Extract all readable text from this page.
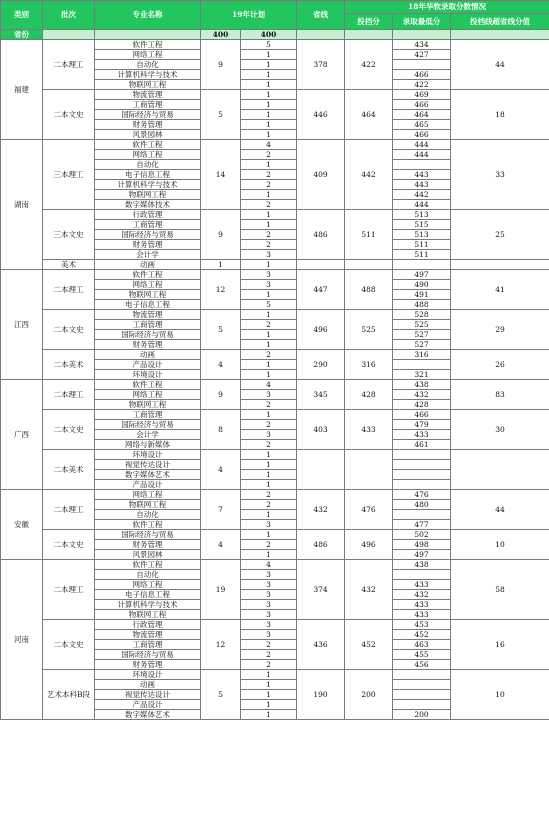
类别	批次	专业名称	19年计划		省线	18年华软录取分数情况		
						投档分	录取最低分	投档线超省线分值
省份			400	400				
福建	二本理工	软件工程	9	5	378	422	434	44
		网络工程		1			427	
		自动化		1				
		计算机科学与技术		1			466	
		物联网工程		1			422	
	二本文史	物流管理	5	1	446	464	469	18
		工商管理		1			466	
		国际经济与贸易		1			464	
		财务管理		1			465	
		风景园林		1			466	
湖南	三本理工	软件工程	14	4	409	442	444	33
		网络工程		2			444	
		自动化		1				
		电子信息工程		2			443	
		计算机科学与技术		2			443	
		物联网工程		1			442	
		数字媒体技术		2			444	
	三本文史	行政管理	9	1	486	511	513	25
		工商管理		1			515	
		国际经济与贸易		2			513	
		财务管理		2			511	
		会计学		3			511	
	美术	动画	1	1				
江西	二本理工	软件工程	12	3	447	488	497	41
		网络工程		3			490	
		物联网工程		1			491	
		电子信息工程		5			488	
	二本文史	物流管理	5	1	496	525	528	29
		工商管理		2			525	
		国际经济与贸易		1			527	
		财务管理		1			527	
	二本美术	动画	4	2	290	316	316	26
		产品设计		1				
		环境设计		1			321	
广西	二本理工	软件工程	9	4	345	428	438	83
		网络工程		3			432	
		物联网工程		2			428	
	二本文史	工商管理	8	1	403	433	466	30
		国际经济与贸易		2			479	
		会计学		3			433	
		网络与新媒体		2			461	
	二本美术	环境设计	4	1				
		视觉传达设计		1				
		数字媒体艺术		1				
		产品设计		1				
安徽	二本理工	网络工程	7	2	432	476	476	44
		物联网工程		2			480	
		自动化		1				
		软件工程		3			477	
	二本文史	国际经济与贸易	4	1	486	496	502	10
		财务管理		2			498	
		风景园林		1			497	
河南	二本理工	软件工程	19	4	374	432	438	58
		自动化		3				
		网络工程		3			433	
		电子信息工程		3			432	
		计算机科学与技术		3			433	
		物联网工程		3			433	
	二本文史	行政管理	12	3	436	452	453	16
		物流管理		3			452	
		工商管理		2			463	
		国际经济与贸易		2			455	
		财务管理		2			456	
	艺术本科B段	环境设计	5	1	190	200		10
		动画		1				
		视觉传达设计		1				
		产品设计		1				
		数字媒体艺术		1			200	
